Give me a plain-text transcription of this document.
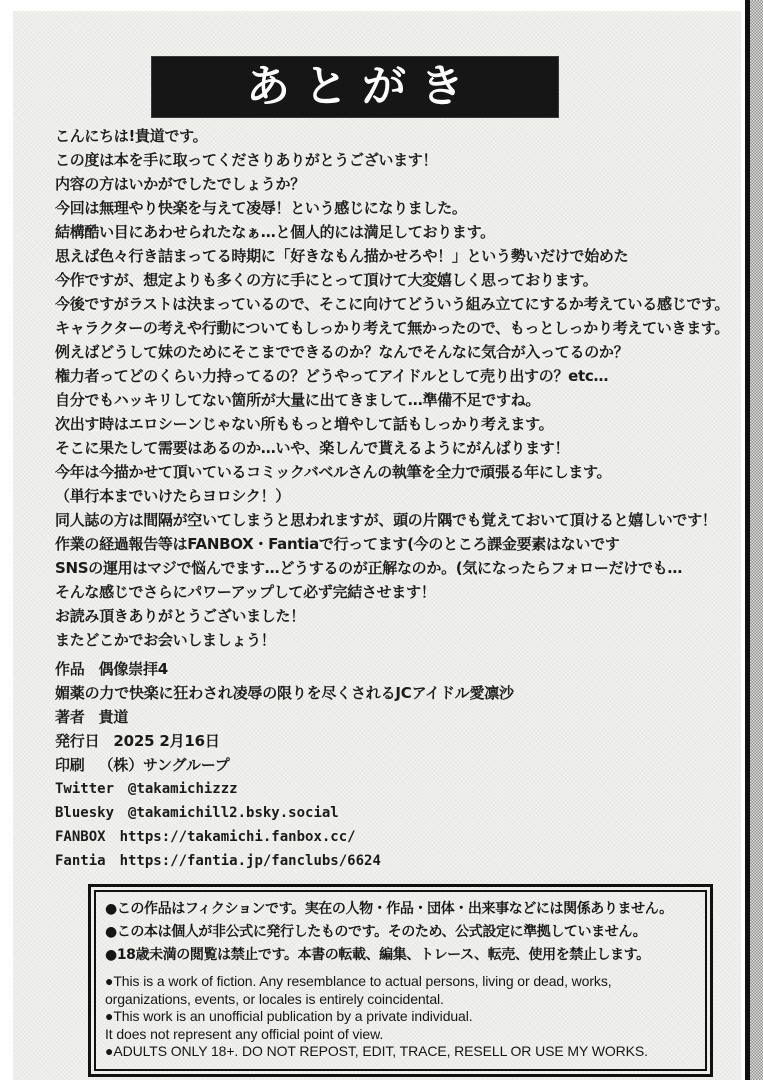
あとがき
こんにちは!貴道です。
この度は本を手に取ってくださりありがとうございます！
内容の方はいかがでしたでしょうか？
今回は無理やり快楽を与えて凌辱！という感じになりました。
結構酷い目にあわせられたなぁ…と個人的には満足しております。
思えば色々行き詰まってる時期に「好きなもん描かせろや！」という勢いだけで始めた
今作ですが、想定よりも多くの方に手にとって頂けて大変嬉しく思っております。
今後ですがラストは決まっているので、そこに向けてどういう組み立てにするか考えている感じです。
キャラクターの考えや行動についてもしっかり考えて無かったので、もっとしっかり考えていきます。
例えばどうして妹のためにそこまでできるのか？なんでそんなに気合が入ってるのか？
権力者ってどのくらい力持ってるの？どうやってアイドルとして売り出すの？etc…
自分でもハッキリしてない箇所が大量に出てきまして…準備不足ですね。
次出す時はエロシーンじゃない所ももっと増やして話もしっかり考えます。
そこに果たして需要はあるのか…いや、楽しんで貰えるようにがんばります！
今年は今描かせて頂いているコミックバベルさんの執筆を全力で頑張る年にします。
（単行本までいけたらヨロシク！）
同人誌の方は間隔が空いてしまうと思われますが、頭の片隅でも覚えておいて頂けると嬉しいです！
作業の経過報告等はFANBOX・Fantiaで行ってます(今のところ課金要素はないです
SNSの運用はマジで悩んでます…どうするのが正解なのか。(気になったらフォローだけでも…
そんな感じでさらにパワーアップして必ず完結させます！
お読み頂きありがとうございました！
またどこかでお会いしましょう！
作品 偶像崇拝4
媚薬の力で快楽に狂わされ凌辱の限りを尽くされるJCアイドル愛凛沙
著者 貴道
発行日 2025 2月16日
印刷 （株）サングループ
Twitter @takamichizzz
Bluesky @takamichill2.bsky.social
FANBOX https://takamichi.fanbox.cc/
Fantia https://fantia.jp/fanclubs/6624
●この作品はフィクションです。実在の人物・作品・団体・出来事などには関係ありません。
●この本は個人が非公式に発行したものです。そのため、公式設定に準拠していません。
●18歳未満の閲覧は禁止です。本書の転載、編集、トレース、転売、使用を禁止します。
●This is a work of fiction. Any resemblance to actual persons, living or dead, works,
organizations, events, or locales is entirely coincidental.
●This work is an unofficial publication by a private individual.
It does not represent any official point of view.
●ADULTS ONLY 18+. DO NOT REPOST, EDIT, TRACE, RESELL OR USE MY WORKS.
